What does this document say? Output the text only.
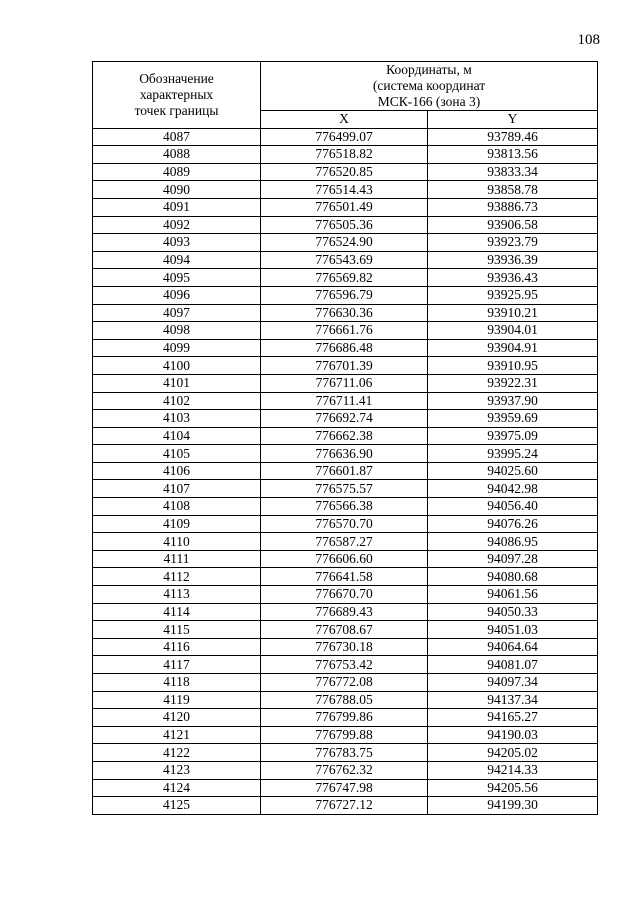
108
Обозначение
характерных
точек границы	Координаты, м
(система координат
МСК-166 (зона 3)	
	X	Y
4087	776499.07	93789.46
4088	776518.82	93813.56
4089	776520.85	93833.34
4090	776514.43	93858.78
4091	776501.49	93886.73
4092	776505.36	93906.58
4093	776524.90	93923.79
4094	776543.69	93936.39
4095	776569.82	93936.43
4096	776596.79	93925.95
4097	776630.36	93910.21
4098	776661.76	93904.01
4099	776686.48	93904.91
4100	776701.39	93910.95
4101	776711.06	93922.31
4102	776711.41	93937.90
4103	776692.74	93959.69
4104	776662.38	93975.09
4105	776636.90	93995.24
4106	776601.87	94025.60
4107	776575.57	94042.98
4108	776566.38	94056.40
4109	776570.70	94076.26
4110	776587.27	94086.95
4111	776606.60	94097.28
4112	776641.58	94080.68
4113	776670.70	94061.56
4114	776689.43	94050.33
4115	776708.67	94051.03
4116	776730.18	94064.64
4117	776753.42	94081.07
4118	776772.08	94097.34
4119	776788.05	94137.34
4120	776799.86	94165.27
4121	776799.88	94190.03
4122	776783.75	94205.02
4123	776762.32	94214.33
4124	776747.98	94205.56
4125	776727.12	94199.30
